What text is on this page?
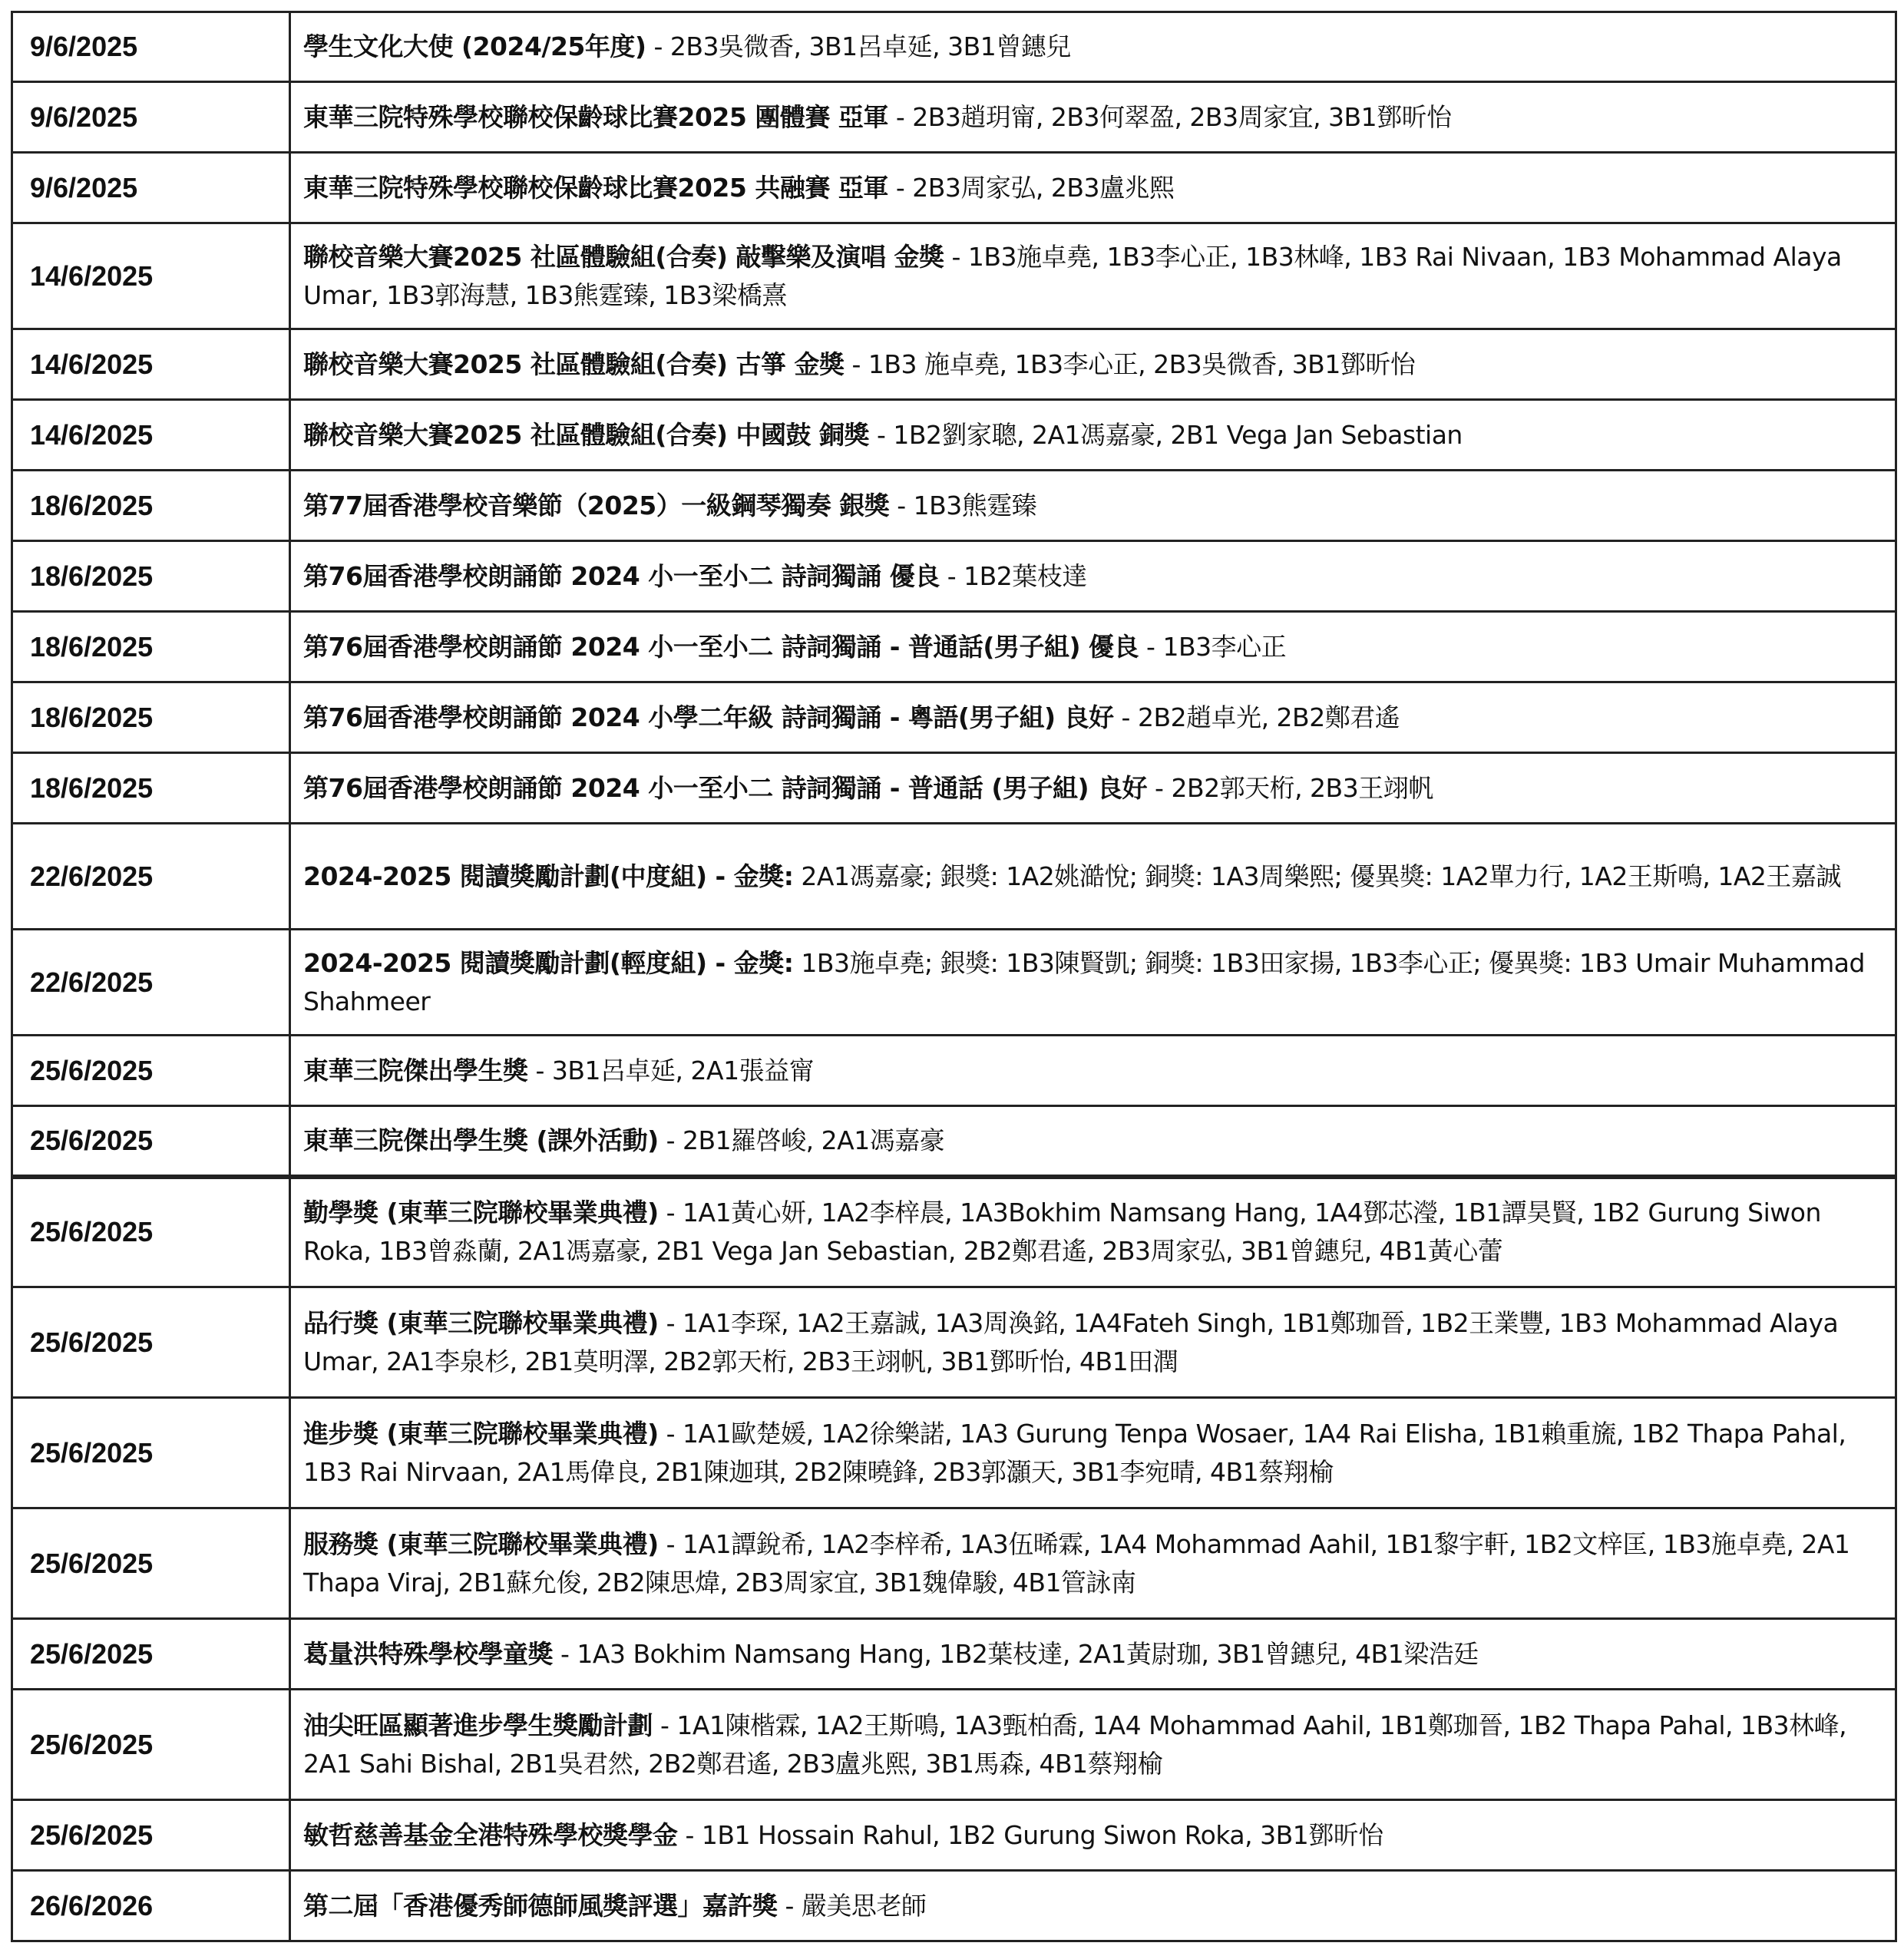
9/6/2025	學生文化大使 (2024/25年度) - 2B3吳微香, 3B1呂卓延, 3B1曾鏸兒
9/6/2025	東華三院特殊學校聯校保齡球比賽2025 團體賽 亞軍 - 2B3趙玥甯, 2B3何翠盈, 2B3周家宜, 3B1鄧昕怡
9/6/2025	東華三院特殊學校聯校保齡球比賽2025 共融賽 亞軍 - 2B3周家弘, 2B3盧兆熙
14/6/2025	聯校音樂大賽2025 社區體驗組(合奏) 敲擊樂及演唱 金獎 - 1B3施卓堯, 1B3李心正, 1B3林峰, 1B3 Rai Nivaan, 1B3 Mohammad Alaya Umar, 1B3郭海慧, 1B3熊霆臻, 1B3梁橋熹
14/6/2025	聯校音樂大賽2025 社區體驗組(合奏) 古箏 金獎 - 1B3 施卓堯, 1B3李心正, 2B3吳微香, 3B1鄧昕怡
14/6/2025	聯校音樂大賽2025 社區體驗組(合奏) 中國鼓 銅獎 - 1B2劉家聰, 2A1馮嘉豪, 2B1 Vega Jan Sebastian
18/6/2025	第77屆香港學校音樂節（2025）一級鋼琴獨奏 銀獎 - 1B3熊霆臻
18/6/2025	第76屆香港學校朗誦節 2024 小一至小二 詩詞獨誦 優良 - 1B2葉枝達
18/6/2025	第76屆香港學校朗誦節 2024 小一至小二 詩詞獨誦 - 普通話(男子組) 優良 - 1B3李心正
18/6/2025	第76屆香港學校朗誦節 2024 小學二年級 詩詞獨誦 - 粵語(男子組) 良好 - 2B2趙卓光, 2B2鄭君遙
18/6/2025	第76屆香港學校朗誦節 2024 小一至小二 詩詞獨誦 - 普通話 (男子組) 良好 - 2B2郭天桁, 2B3王翊帆
22/6/2025	2024-2025 閱讀獎勵計劃(中度組) - 金獎: 2A1馮嘉豪; 銀獎: 1A2姚澔悅; 銅獎: 1A3周樂熙; 優異獎: 1A2單力行, 1A2王斯鳴, 1A2王嘉誠
22/6/2025	2024-2025 閱讀獎勵計劃(輕度組) - 金獎: 1B3施卓堯; 銀獎: 1B3陳賢凱; 銅獎: 1B3田家揚, 1B3李心正; 優異獎: 1B3 Umair Muhammad Shahmeer
25/6/2025	東華三院傑出學生獎 - 3B1呂卓延, 2A1張益甯
25/6/2025	東華三院傑出學生獎 (課外活動) - 2B1羅啓峻, 2A1馮嘉豪
25/6/2025	勤學獎 (東華三院聯校畢業典禮) - 1A1黃心妍, 1A2李梓晨, 1A3Bokhim Namsang Hang, 1A4鄧芯瀅, 1B1譚昊賢, 1B2 Gurung Siwon Roka, 1B3曾淼蘭, 2A1馮嘉豪, 2B1 Vega Jan Sebastian, 2B2鄭君遙, 2B3周家弘, 3B1曾鏸兒, 4B1黃心蕾
25/6/2025	品行獎 (東華三院聯校畢業典禮) - 1A1李琛, 1A2王嘉誠, 1A3周渙銘, 1A4Fateh Singh, 1B1鄭珈晉, 1B2王業豐, 1B3 Mohammad Alaya Umar, 2A1李泉杉, 2B1莫明澤, 2B2郭天桁, 2B3王翊帆, 3B1鄧昕怡, 4B1田潤
25/6/2025	進步獎 (東華三院聯校畢業典禮) - 1A1歐楚媛, 1A2徐樂諾, 1A3 Gurung Tenpa Wosaer, 1A4 Rai Elisha, 1B1賴重旒, 1B2 Thapa Pahal, 1B3 Rai Nirvaan, 2A1馬偉良, 2B1陳迦琪, 2B2陳曉鋒, 2B3郭灝天, 3B1李宛晴, 4B1蔡翔榆
25/6/2025	服務獎 (東華三院聯校畢業典禮) - 1A1譚銳希, 1A2李梓希, 1A3伍晞霖, 1A4 Mohammad Aahil, 1B1黎宇軒, 1B2文梓匡, 1B3施卓堯, 2A1 Thapa Viraj, 2B1蘇允俊, 2B2陳思煒, 2B3周家宜, 3B1魏偉駿, 4B1管詠南
25/6/2025	葛量洪特殊學校學童獎 - 1A3 Bokhim Namsang Hang, 1B2葉枝達, 2A1黃尉珈, 3B1曾鏸兒, 4B1梁浩廷
25/6/2025	油尖旺區顯著進步學生獎勵計劃 - 1A1陳楷霖, 1A2王斯鳴, 1A3甄柏喬, 1A4 Mohammad Aahil, 1B1鄭珈晉, 1B2 Thapa Pahal, 1B3林峰, 2A1 Sahi Bishal, 2B1吳君然, 2B2鄭君遙, 2B3盧兆熙, 3B1馬森, 4B1蔡翔榆
25/6/2025	敏哲慈善基金全港特殊學校獎學金 - 1B1 Hossain Rahul, 1B2 Gurung Siwon Roka, 3B1鄧昕怡
26/6/2026	第二屆「香港優秀師德師風獎評選」嘉許獎 - 嚴美思老師
